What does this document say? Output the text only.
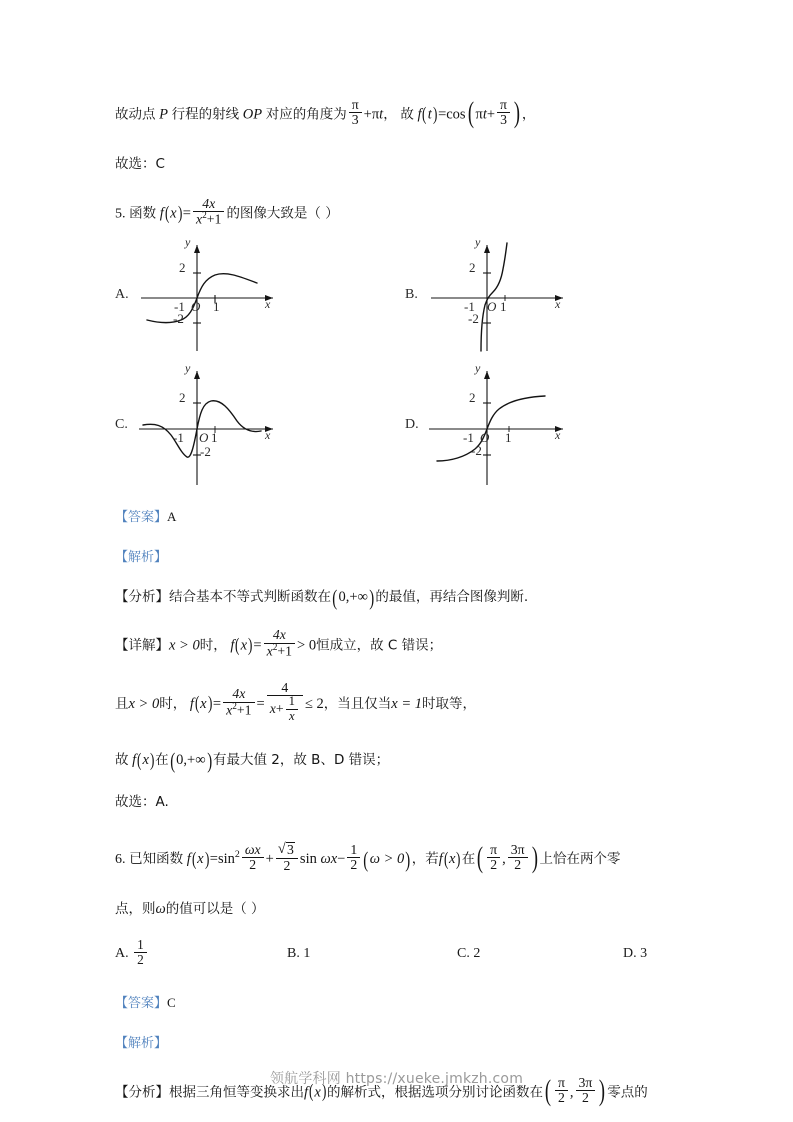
故动点 P 行程的射线 OP 对应的角度为 $\frac{\pi}{3} +\pi t$， 故 f(t)=cos( $\pi t+ \frac{\pi}{3}$ ) ，
故选：C
5. 函数 $f(x)= \frac{4x}{x^2+1}$ 的图像大致是（ ）
A.
y
x
2
-2
-1 O 1
B.
y
x
2
-2
-1 O 1
C.
y
x
2
-2
-1 O 1
D.
y
x
2
-2
-1 O 1
【答案】A
【解析】
【分析】结合基本不等式判断函数在(0,+∞)的最值，再结合图像判断.
【详解】x > 0时， $f(x)= \frac{4x}{x^2+1} > 0$恒成立，故 C 错误；
且x > 0时， $f(x)= \frac{4x}{x^2+1} = \frac{4}{x+ \frac{1}{x}} \le 2$，当且仅当x = 1时取等，
故 f(x)在(0,+∞)有最大值 2，故 B、D 错误；
故选：A.
6. 已知函数 $f(x)=\sin^2 \frac{\omega x}{2}$ + √ $\frac{3}{2}$ $\sin \omega x- \frac{1}{2} (\omega > 0)$，若f(x)在( $\frac{\pi}{2}$ , $\frac{3\pi}{2}$ ) 上恰在两个零
点，则ω的值可以是（ ）
A.
$\frac{1}{2}$	B.
1	C.
2	D.
3
【答案】C
【解析】
【分析】根据三角恒等变换求出f(x)的解析式，根据选项分别讨论函数在( $\frac{\pi}{2}$ , $\frac{3\pi}{2}$ ) 零点的
领航学科网 https://xueke.jmkzh.com
